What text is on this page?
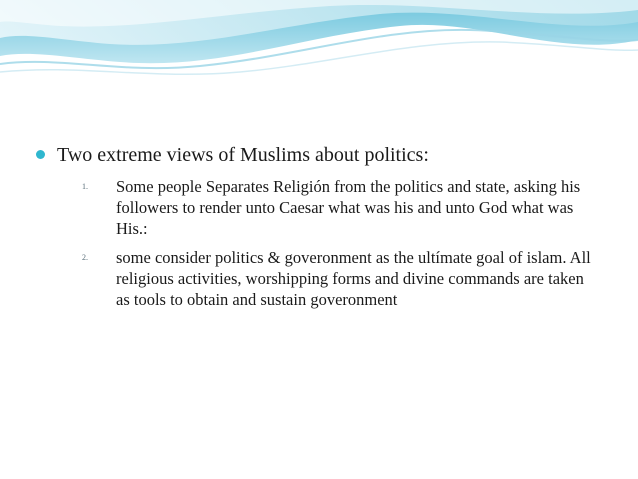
Two extreme views of Muslims about politics:
1.	Some people Separates Religión from the politics and state, asking his followers to render unto Caesar what was his and unto God what was His.:
2.	some consider politics & goveronment as the ultímate goal of islam. All religious activities, worshipping forms and divine commands are taken as tools to obtain and sustain goveronment
